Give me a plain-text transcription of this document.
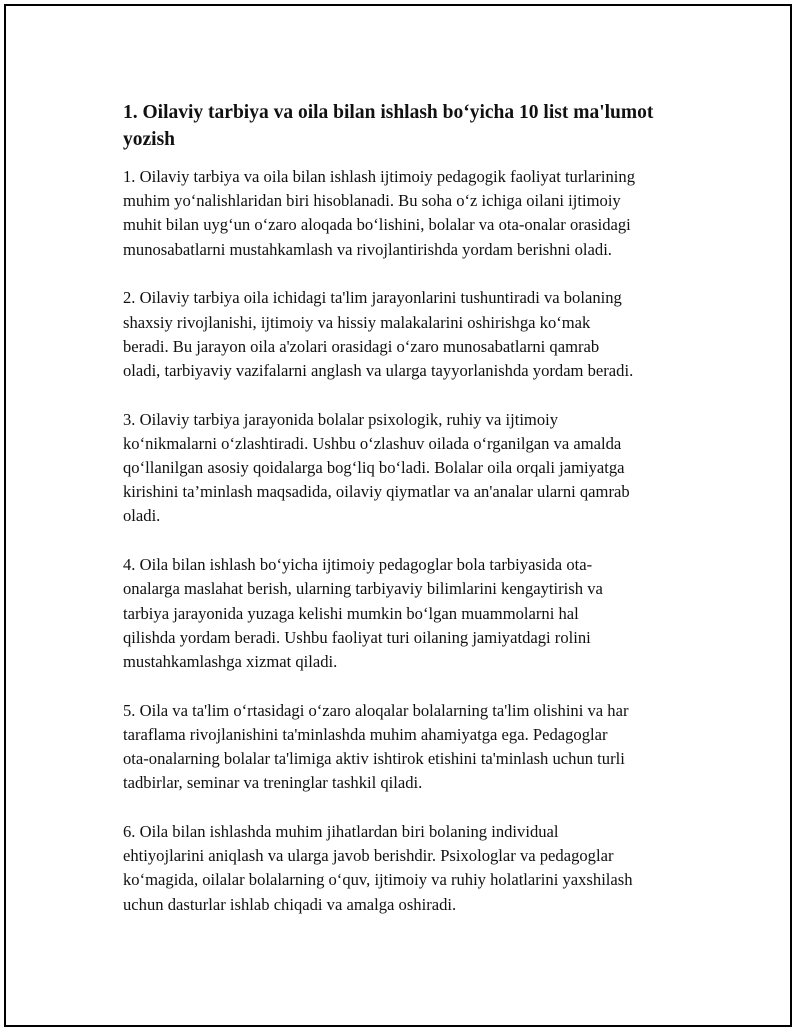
1. Oilaviy tarbiya va oila bilan ishlash bo‘yicha 10 list ma'lumot yozish

1. Oilaviy tarbiya va oila bilan ishlash ijtimoiy pedagogik faoliyat turlarining
muhim yo‘nalishlaridan biri hisoblanadi. Bu soha o‘z ichiga oilani ijtimoiy
muhit bilan uyg‘un o‘zaro aloqada bo‘lishini, bolalar va ota-onalar orasidagi
munosabatlarni mustahkamlash va rivojlantirishda yordam berishni oladi.

2. Oilaviy tarbiya oila ichidagi ta'lim jarayonlarini tushuntiradi va bolaning
shaxsiy rivojlanishi, ijtimoiy va hissiy malakalarini oshirishga ko‘mak
beradi. Bu jarayon oila a'zolari orasidagi o‘zaro munosabatlarni qamrab
oladi, tarbiyaviy vazifalarni anglash va ularga tayyorlanishda yordam beradi.

3. Oilaviy tarbiya jarayonida bolalar psixologik, ruhiy va ijtimoiy
ko‘nikmalarni o‘zlashtiradi. Ushbu o‘zlashuv oilada o‘rganilgan va amalda
qo‘llanilgan asosiy qoidalarga bog‘liq bo‘ladi. Bolalar oila orqali jamiyatga
kirishini ta’minlash maqsadida, oilaviy qiymatlar va an'analar ularni qamrab
oladi.

4. Oila bilan ishlash bo‘yicha ijtimoiy pedagoglar bola tarbiyasida ota-
onalarga maslahat berish, ularning tarbiyaviy bilimlarini kengaytirish va
tarbiya jarayonida yuzaga kelishi mumkin bo‘lgan muammolarni hal
qilishda yordam beradi. Ushbu faoliyat turi oilaning jamiyatdagi rolini
mustahkamlashga xizmat qiladi.

5. Oila va ta'lim o‘rtasidagi o‘zaro aloqalar bolalarning ta'lim olishini va har
taraflama rivojlanishini ta'minlashda muhim ahamiyatga ega. Pedagoglar
ota-onalarning bolalar ta'limiga aktiv ishtirok etishini ta'minlash uchun turli
tadbirlar, seminar va treninglar tashkil qiladi.

6. Oila bilan ishlashda muhim jihatlardan biri bolaning individual
ehtiyojlarini aniqlash va ularga javob berishdir. Psixologlar va pedagoglar
ko‘magida, oilalar bolalarning o‘quv, ijtimoiy va ruhiy holatlarini yaxshilash
uchun dasturlar ishlab chiqadi va amalga oshiradi.
